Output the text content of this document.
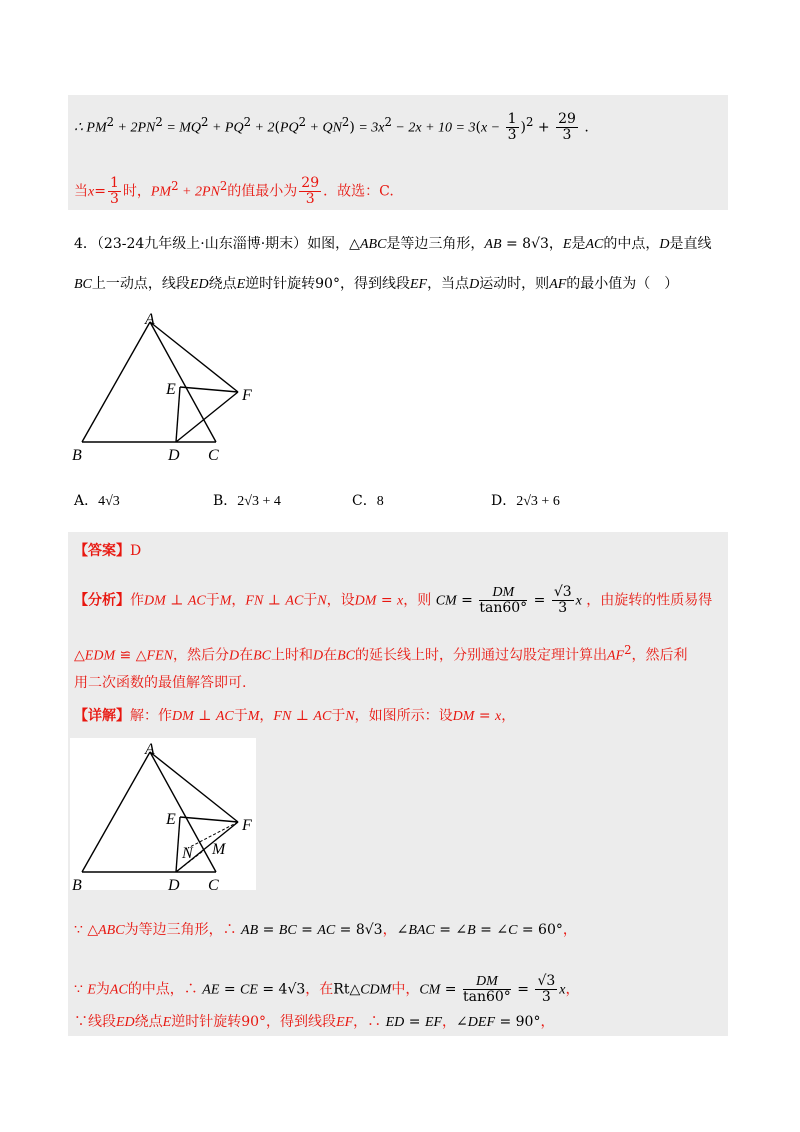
∴ $PM^2 + 2PN^2 = MQ^2 + PQ^2 + 2(PQ^2 + QN^2) = 3x^2 - 2x + 10 = 3(x - \frac{1}{3} )^2 + \frac{29}{3}$ .
当$x= \frac{1}{3}$ 时，$PM^2 + 2PN^2$的值最小为 $\frac{29}{3}$ ．故选：C.
4．（23-24九年级上·山东淄博·期末）如图，△ABC是等边三角形，AB = 8√3，E是AC的中点，D是直线
BC上一动点，线段ED绕点E逆时针旋转90°，得到线段EF，当点D运动时，则AF的最小值为（　）
A
E	F
B	D C
A．4√3	B．2√3 + 4	C．8	D．2√3 + 6
【答案】D
【分析】作DM ⊥ AC于M，FN ⊥ AC于N，设DM = x，则 CM = $\frac{DM}{\tan 60^\circ} = \frac{√3}{3}$ x ，由旋转的性质易得
△EDM ≌ △FEN，然后分D在BC上时和D在BC的延长线上时，分别通过勾股定理计算出$AF^2$，然后利
用二次函数的最值解答即可.
【详解】解：作DM ⊥ AC于M，FN ⊥ AC于N，如图所示：设DM = x，
A
E	F
N M
B	D C
∵ △ABC为等边三角形，∴ AB = BC = AC = 8√3，∠BAC = ∠B = ∠C = 60°，
∵ E为AC的中点，∴ AE = CE = 4√3，在Rt△CDM中，CM = $\frac{DM}{\tan 60^\circ} = \frac{√3}{3}$ x，
∵线段ED绕点E逆时针旋转90°，得到线段EF，∴ ED = EF，∠DEF = 90°，
